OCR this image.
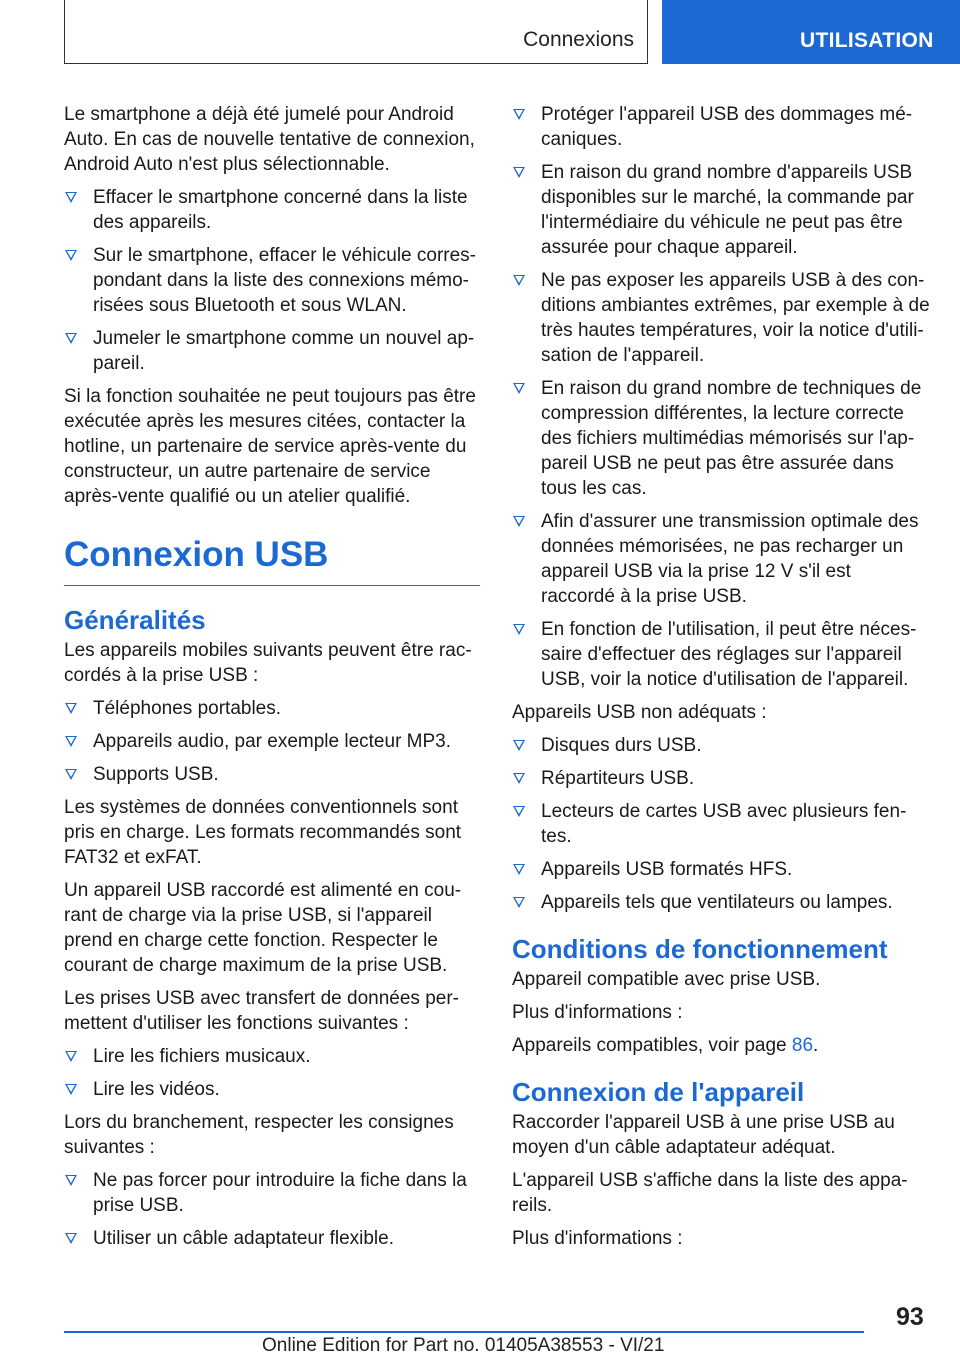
Connexions	UTILISATION

Le smartphone a déjà été jumelé pour Android Auto. En cas de nouvelle tentative de connexion, Android Auto n'est plus sélectionnable.

Effacer le smartphone concerné dans la liste des appareils.
Sur le smartphone, effacer le véhicule corres-pondant dans la liste des connexions mémo-risées sous Bluetooth et sous WLAN.
Jumeler le smartphone comme un nouvel ap-pareil.

Si la fonction souhaitée ne peut toujours pas être exécutée après les mesures citées, contacter la hotline, un partenaire de service après-vente du constructeur, un autre partenaire de service après-vente qualifié ou un atelier qualifié.

Connexion USB
Généralités

Les appareils mobiles suivants peuvent être rac-cordés à la prise USB :

Téléphones portables.
Appareils audio, par exemple lecteur MP3.
Supports USB.

Les systèmes de données conventionnels sont pris en charge. Les formats recommandés sont FAT32 et exFAT.

Un appareil USB raccordé est alimenté en cou-rant de charge via la prise USB, si l'appareil prend en charge cette fonction. Respecter le courant de charge maximum de la prise USB.

Les prises USB avec transfert de données per-mettent d'utiliser les fonctions suivantes :

Lire les fichiers musicaux.
Lire les vidéos.

Lors du branchement, respecter les consignes suivantes :

Ne pas forcer pour introduire la fiche dans la prise USB.
Utiliser un câble adaptateur flexible.
Protéger l'appareil USB des dommages mé-caniques.
En raison du grand nombre d'appareils USB disponibles sur le marché, la commande par l'intermédiaire du véhicule ne peut pas être assurée pour chaque appareil.
Ne pas exposer les appareils USB à des con-ditions ambiantes extrêmes, par exemple à de très hautes températures, voir la notice d'utili-sation de l'appareil.
En raison du grand nombre de techniques de compression différentes, la lecture correcte des fichiers multimédias mémorisés sur l'ap-pareil USB ne peut pas être assurée dans tous les cas.
Afin d'assurer une transmission optimale des données mémorisées, ne pas recharger un appareil USB via la prise 12 V s'il est raccordé à la prise USB.
En fonction de l'utilisation, il peut être néces-saire d'effectuer des réglages sur l'appareil USB, voir la notice d'utilisation de l'appareil.

Appareils USB non adéquats :

Disques durs USB.
Répartiteurs USB.
Lecteurs de cartes USB avec plusieurs fen-tes.
Appareils USB formatés HFS.
Appareils tels que ventilateurs ou lampes.
Conditions de fonctionnement

Appareil compatible avec prise USB.

Plus d'informations :

Appareils compatibles, voir page 86.

Connexion de l'appareil

Raccorder l'appareil USB à une prise USB au moyen d'un câble adaptateur adéquat.

L'appareil USB s'affiche dans la liste des appa-reils.

Plus d'informations :

93
Online Edition for Part no. 01405A38553 - VI/21
